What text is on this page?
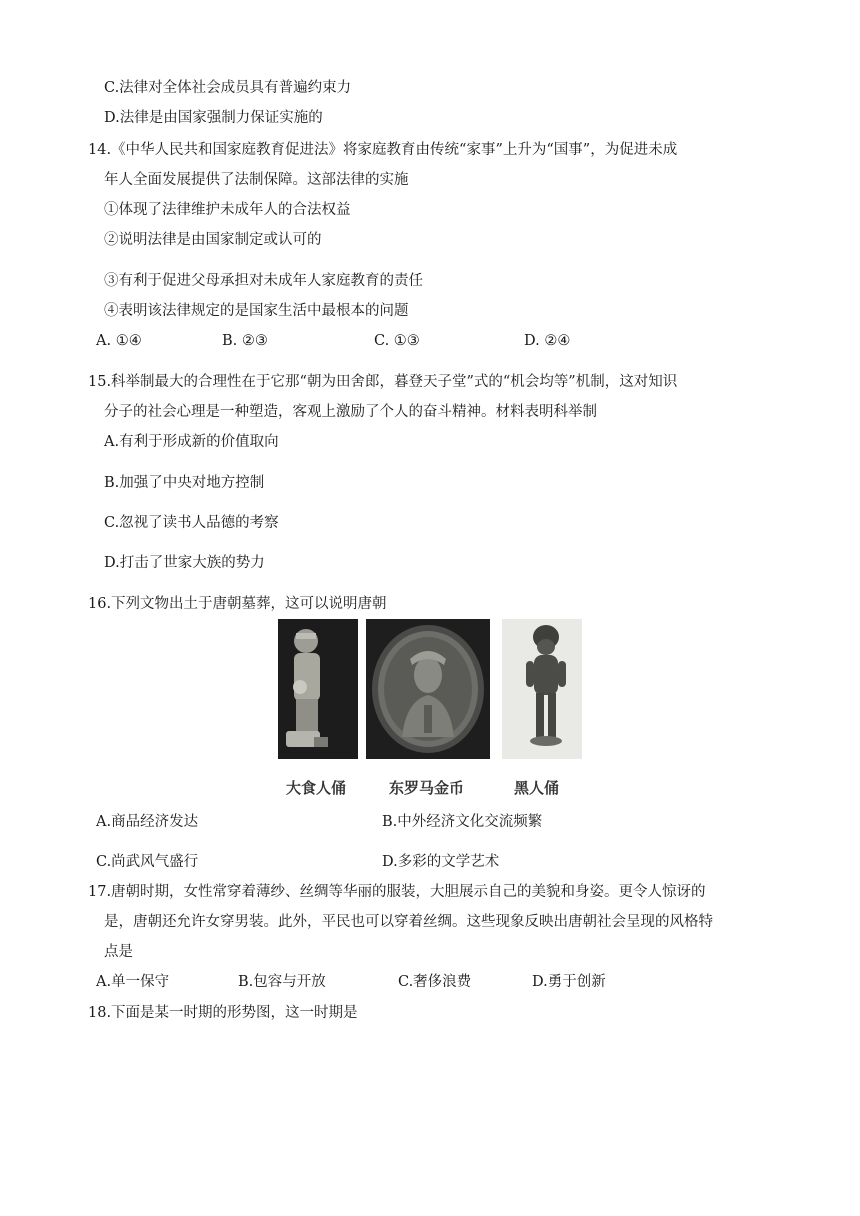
C.法律对全体社会成员具有普遍约束力
D.法律是由国家强制力保证实施的
14.《中华人民共和国家庭教育促进法》将家庭教育由传统“家事”上升为“国事”，为促进未成
年人全面发展提供了法制保障。这部法律的实施
①体现了法律维护未成年人的合法权益
②说明法律是由国家制定或认可的
③有利于促进父母承担对未成年人家庭教育的责任
④表明该法律规定的是国家生活中最根本的问题
A. ①④	B. ②③	C. ①③	D. ②④
15.科举制最大的合理性在于它那“朝为田舍郎，暮登天子堂”式的“机会均等”机制，这对知识
分子的社会心理是一种塑造，客观上激励了个人的奋斗精神。材料表明科举制
A.有利于形成新的价值取向
B.加强了中央对地方控制
C.忽视了读书人品德的考察
D.打击了世家大族的势力
16.下列文物出土于唐朝墓葬，这可以说明唐朝
大食人俑	东罗马金币	黑人俑
A.商品经济发达	B.中外经济文化交流频繁
C.尚武风气盛行	D.多彩的文学艺术
17.唐朝时期，女性常穿着薄纱、丝绸等华丽的服装，大胆展示自己的美貌和身姿。更令人惊讶的
是，唐朝还允许女穿男装。此外，平民也可以穿着丝绸。这些现象反映出唐朝社会呈现的风格特
点是
A.单一保守	B.包容与开放	C.奢侈浪费	D.勇于创新
18.下面是某一时期的形势图，这一时期是
